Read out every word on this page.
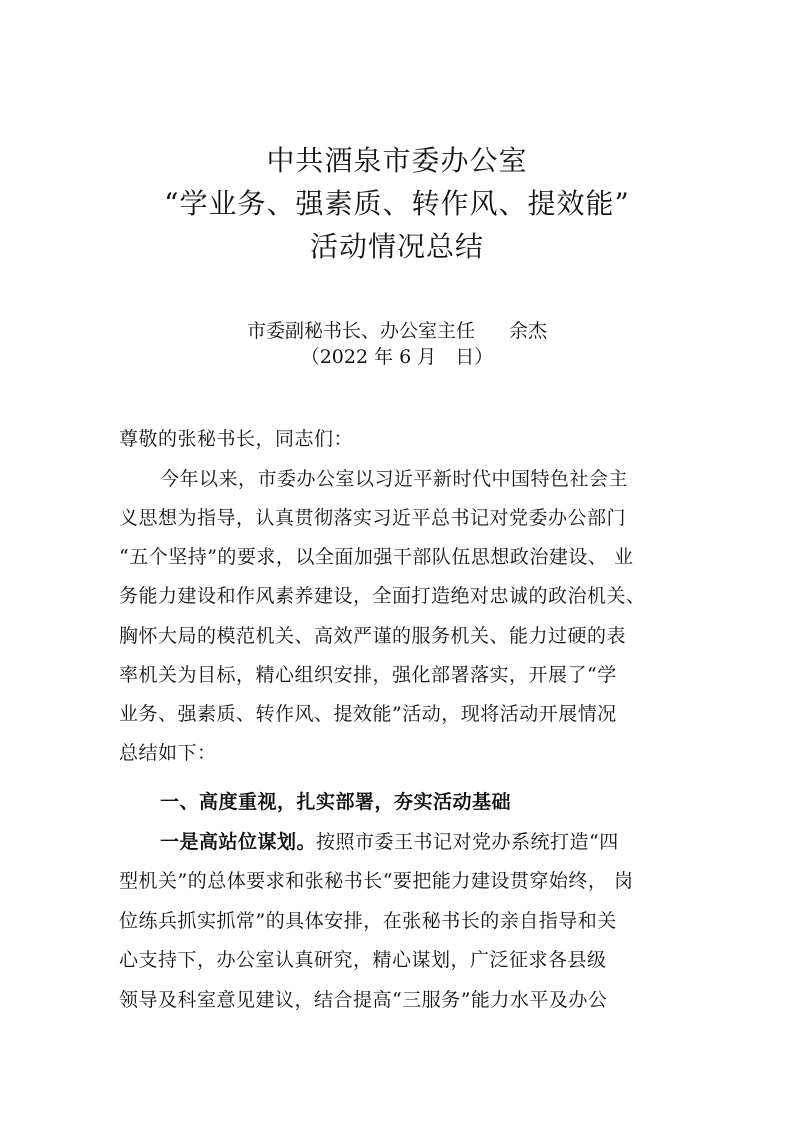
中共酒泉市委办公室
“学业务、强素质、转作风、提效能”
活动情况总结
市委副秘书长、办公室主任 余杰
（2022 年 6 月　日）
尊敬的张秘书长，同志们：
今年以来，市委办公室以习近平新时代中国特色社会主
义思想为指导，认真贯彻落实习近平总书记对党委办公部门
“五个坚持”的要求，以全面加强干部队伍思想政治建设、 业
务能力建设和作风素养建设，全面打造绝对忠诚的政治机关、
胸怀大局的模范机关、高效严谨的服务机关、能力过硬的表
率机关为目标，精心组织安排，强化部署落实，开展了“学
业务、强素质、转作风、提效能”活动，现将活动开展情况
总结如下：
一、高度重视，扎实部署，夯实活动基础
一是高站位谋划。按照市委王书记对党办系统打造“四
型机关”的总体要求和张秘书长“要把能力建设贯穿始终， 岗
位练兵抓实抓常”的具体安排，在张秘书长的亲自指导和关
心支持下，办公室认真研究，精心谋划，广泛征求各县级
领导及科室意见建议，结合提高“三服务”能力水平及办公
